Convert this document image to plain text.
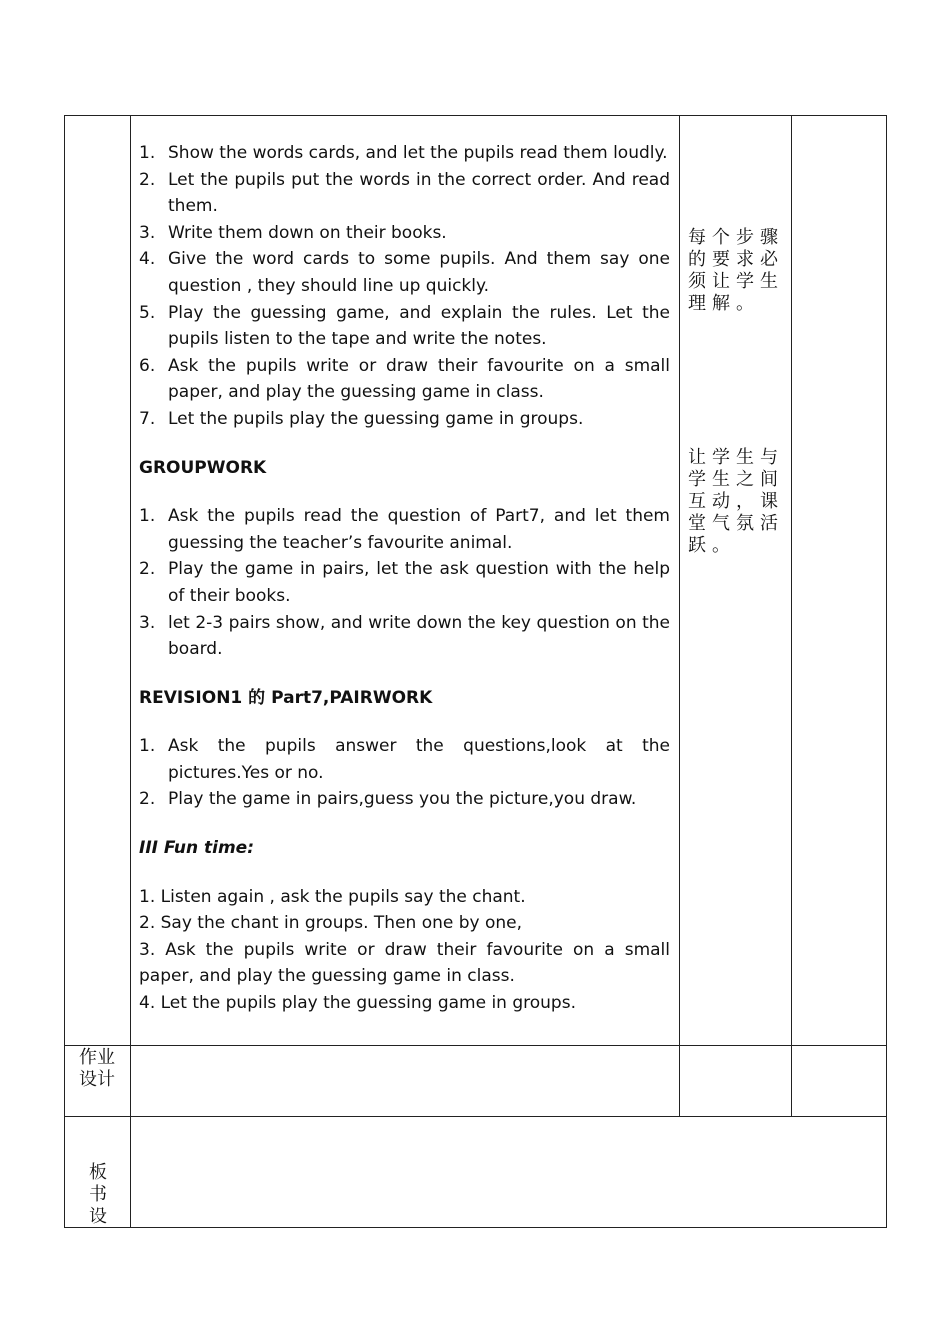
1. Show the words cards, and let the pupils read them loudly.
2. Let the pupils put the words in the correct order. And read them.
3. Write them down on their books.
4. Give the word cards to some pupils. And them say one question , they should line up quickly.
5. Play the guessing game, and explain the rules. Let the pupils listen to the tape and write the notes.
6. Ask the pupils write or draw their favourite on a small paper, and play the guessing game in class.
7. Let the pupils play the guessing game in groups.
GROUPWORK
1. Ask the pupils read the question of Part7, and let them guessing the teacher’s favourite animal.
2. Play the game in pairs, let the ask question with the help of their books.
3. let 2-3 pairs show, and write down the key question on the board.
REVISION1 的 Part7,PAIRWORK
1. Ask the pupils answer the questions,look at the pictures.Yes or no.
2. Play the game in pairs,guess you the picture,you draw.
III Fun time:

1. Listen again , ask the pupils say the chant.

2. Say the chant in groups. Then one by one,

3. Ask the pupils write or draw their favourite on a small paper, and play the guessing game in class.

4. Let the pupils play the guessing game in groups.

每个步骤的要求必须让学生理解。
让学生与学生之间互动，课堂气氛活跃。
作业设计
板书设
